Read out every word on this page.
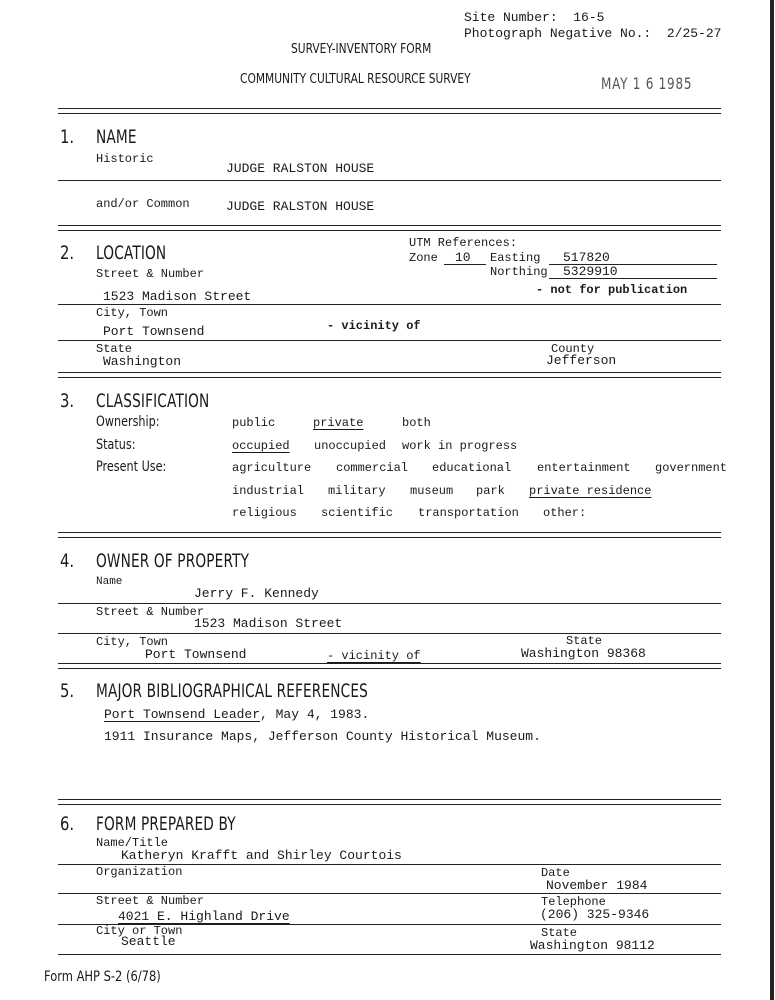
Site Number: 16-5
Photograph Negative No.: 2/25-27
SURVEY-INVENTORY FORM
COMMUNITY CULTURAL RESOURCE SURVEY	MAY 1 6 1985
1. NAME
Historic
JUDGE RALSTON HOUSE
and/or Common	JUDGE RALSTON HOUSE
2. LOCATION
Street & Number
1523 Madison Street
UTM References:
Zone 10 Easting 517820
Northing 5329910
- not for publication
City, Town
Port Townsend	- vicinity of
State
Washington
County
Jefferson
3. CLASSIFICATION
Ownership:	public	private	both
Status:	occupied unoccupied work in progress
Present Use:	agriculture commercial educational entertainment government
industrial military museum park private residence
religious scientific transportation other:
4. OWNER OF PROPERTY
Name
Jerry F. Kennedy
Street & Number
1523 Madison Street
City, Town
Port Townsend	- vicinity of
State
Washington 98368
5. MAJOR BIBLIOGRAPHICAL REFERENCES
Port Townsend Leader, May 4, 1983.
1911 Insurance Maps, Jefferson County Historical Museum.
6. FORM PREPARED BY
Name/Title
Katheryn Krafft and Shirley Courtois
Organization	Date
November 1984
Street & Number
4021 E. Highland Drive
Telephone
(206) 325-9346
City or Town
Seattle
State
Washington 98112
Form AHP S-2 (6/78)
